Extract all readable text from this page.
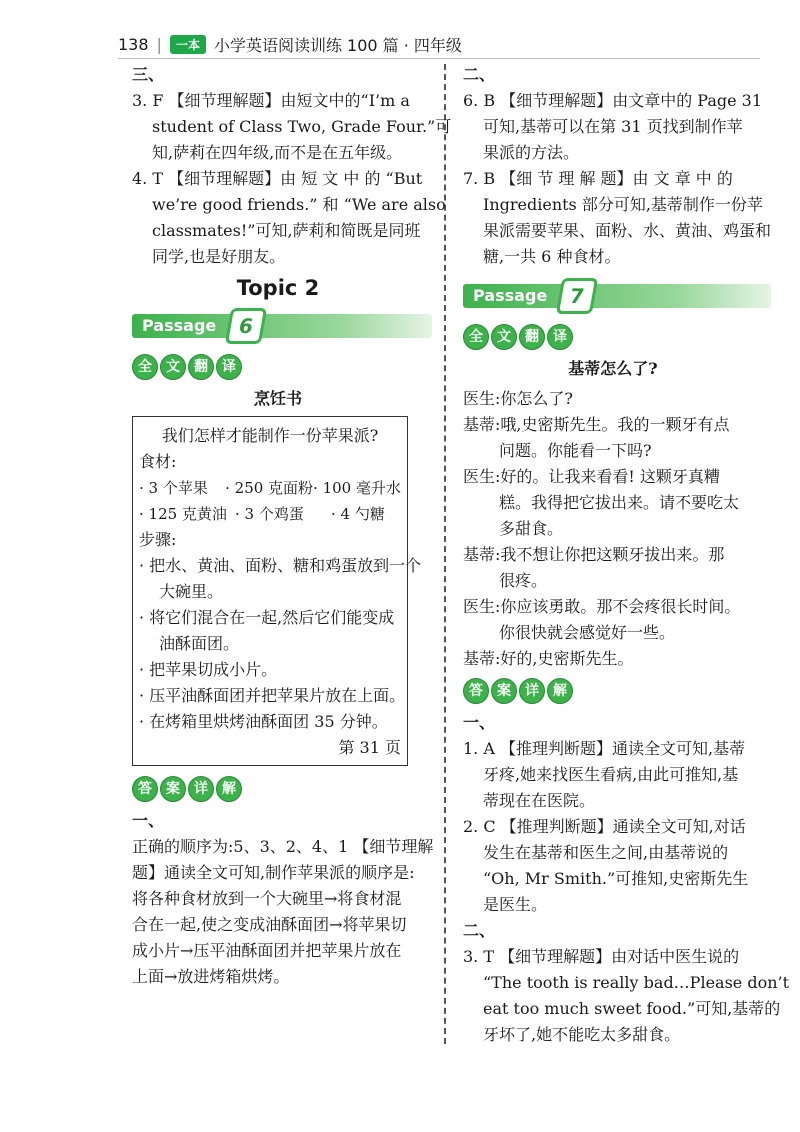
138 |	一本 小学英语阅读训练 100 篇 · 四年级
三、
3. F 【细节理解题】由短文中的“I’m a
student of Class Two, Grade Four.”可
知,萨莉在四年级,而不是在五年级。
4. T 【细节理解题】由 短 文 中 的 “But
we’re good friends.” 和 “We are also
classmates!”可知,萨莉和简既是同班
同学,也是好朋友。
Topic 2
Passage	6
全	文	翻	译
烹饪书
我们怎样才能制作一份苹果派?
食材:
· 3 个苹果	· 250 克面粉 · 100 毫升水
· 125 克黄油 · 3 个鸡蛋	· 4 勺糖
步骤:
· 把水、黄油、面粉、糖和鸡蛋放到一个
大碗里。
· 将它们混合在一起,然后它们能变成
油酥面团。
· 把苹果切成小片。
· 压平油酥面团并把苹果片放在上面。
· 在烤箱里烘烤油酥面团 35 分钟。
第 31 页
答	案	详	解
一、
正确的顺序为:5、3、2、4、1 【细节理解
题】通读全文可知,制作苹果派的顺序是:
将各种食材放到一个大碗里→将食材混
合在一起,使之变成油酥面团→将苹果切
成小片→压平油酥面团并把苹果片放在
上面→放进烤箱烘烤。
二、
6. B 【细节理解题】由文章中的 Page 31
可知,基蒂可以在第 31 页找到制作苹
果派的方法。
7. B 【细 节 理 解 题】由 文 章 中 的
Ingredients 部分可知,基蒂制作一份苹
果派需要苹果、面粉、水、黄油、鸡蛋和
糖,一共 6 种食材。
Passage	7
全	文	翻	译
基蒂怎么了?
医生:你怎么了?
基蒂:哦,史密斯先生。我的一颗牙有点
问题。你能看一下吗?
医生:好的。让我来看看! 这颗牙真糟
糕。我得把它拔出来。请不要吃太
多甜食。
基蒂:我不想让你把这颗牙拔出来。那
很疼。
医生:你应该勇敢。那不会疼很长时间。
你很快就会感觉好一些。
基蒂:好的,史密斯先生。
答	案	详	解
一、
1. A 【推理判断题】通读全文可知,基蒂
牙疼,她来找医生看病,由此可推知,基
蒂现在在医院。
2. C 【推理判断题】通读全文可知,对话
发生在基蒂和医生之间,由基蒂说的
“Oh, Mr Smith.”可推知,史密斯先生
是医生。
二、
3. T 【细节理解题】由对话中医生说的
“The tooth is really bad…Please don’t
eat too much sweet food.”可知,基蒂的
牙坏了,她不能吃太多甜食。
